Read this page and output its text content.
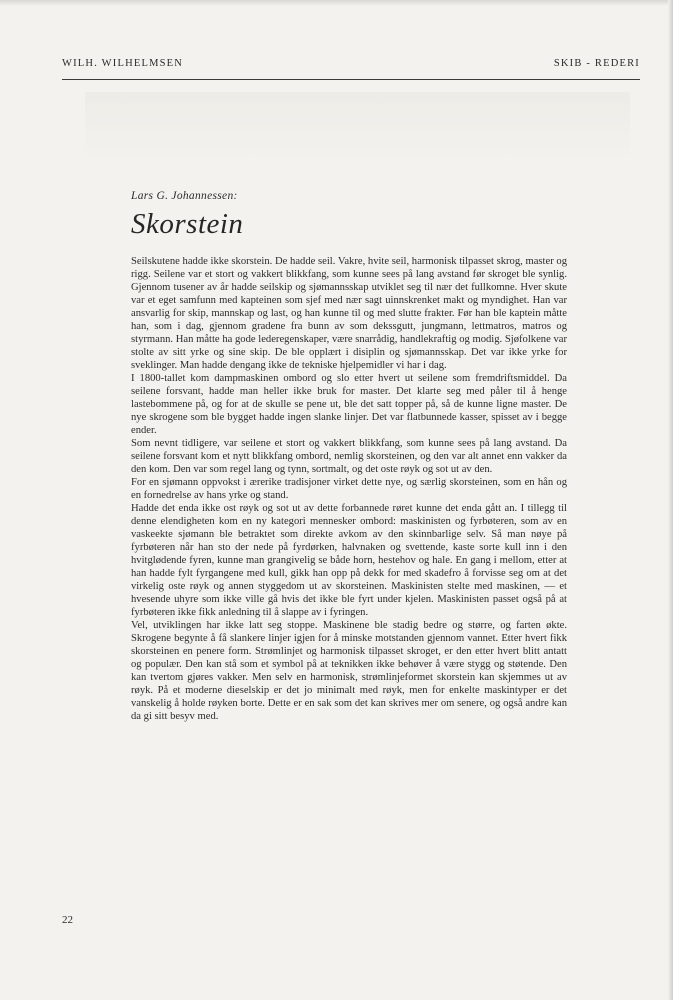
WILH. WILHELMSEN	SKIB - REDERI
Lars G. Johannessen:
Skorstein

Seilskutene hadde ikke skorstein. De hadde seil. Vakre, hvite seil, harmonisk tilpasset skrog, master og rigg. Seilene var et stort og vakkert blikkfang, som kunne sees på lang avstand før skroget ble synlig. Gjennom tusener av år hadde seilskip og sjømannsskap utviklet seg til nær det fullkomne. Hver skute var et eget samfunn med kapteinen som sjef med nær sagt uinnskrenket makt og myndighet. Han var ansvarlig for skip, mannskap og last, og han kunne til og med slutte frakter. Før han ble kaptein måtte han, som i dag, gjennom gradene fra bunn av som dekssgutt, jungmann, lettmatros, matros og styrmann. Han måtte ha gode lederegenskaper, være snarrådig, handlekraftig og modig. Sjøfolkene var stolte av sitt yrke og sine skip. De ble opplært i disiplin og sjømannsskap. Det var ikke yrke for sveklinger. Man hadde dengang ikke de tekniske hjelpemidler vi har i dag.

I 1800-tallet kom dampmaskinen ombord og slo etter hvert ut seilene som fremdriftsmiddel. Da seilene forsvant, hadde man heller ikke bruk for master. Det klarte seg med påler til å henge lastebommene på, og for at de skulle se pene ut, ble det satt topper på, så de kunne ligne master. De nye skrogene som ble bygget hadde ingen slanke linjer. Det var flatbunnede kasser, spisset av i begge ender.

Som nevnt tidligere, var seilene et stort og vakkert blikkfang, som kunne sees på lang avstand. Da seilene forsvant kom et nytt blikkfang ombord, nemlig skorsteinen, og den var alt annet enn vakker da den kom. Den var som regel lang og tynn, sortmalt, og det oste røyk og sot ut av den.

For en sjømann oppvokst i ærerike tradisjoner virket dette nye, og særlig skorsteinen, som en hån og en fornedrelse av hans yrke og stand.

Hadde det enda ikke ost røyk og sot ut av dette forbannede røret kunne det enda gått an. I tillegg til denne elendigheten kom en ny kategori mennesker ombord: maskinisten og fyrbøteren, som av en vaskeekte sjømann ble betraktet som direkte avkom av den skinnbarlige selv. Så man nøye på fyrbøteren når han sto der nede på fyrdørken, halvnaken og svettende, kaste sorte kull inn i den hvitglødende fyren, kunne man grangivelig se både horn, hestehov og hale. En gang i mellom, etter at han hadde fylt fyrgangene med kull, gikk han opp på dekk for med skadefro å forvisse seg om at det virkelig oste røyk og annen styggedom ut av skorsteinen. Maskinisten stelte med maskinen, — et hvesende uhyre som ikke ville gå hvis det ikke ble fyrt under kjelen. Maskinisten passet også på at fyrbøteren ikke fikk anledning til å slappe av i fyringen.

Vel, utviklingen har ikke latt seg stoppe. Maskinene ble stadig bedre og større, og farten økte. Skrogene begynte å få slankere linjer igjen for å minske motstanden gjennom vannet. Etter hvert fikk skorsteinen en penere form. Strømlinjet og harmonisk tilpasset skroget, er den etter hvert blitt antatt og populær. Den kan stå som et symbol på at teknikken ikke behøver å være stygg og støtende. Den kan tvertom gjøres vakker. Men selv en harmonisk, strømlinjeformet skorstein kan skjemmes ut av røyk. På et moderne dieselskip er det jo minimalt med røyk, men for enkelte maskintyper er det vanskelig å holde røyken borte. Dette er en sak som det kan skrives mer om senere, og også andre kan da gi sitt besyv med.

22
